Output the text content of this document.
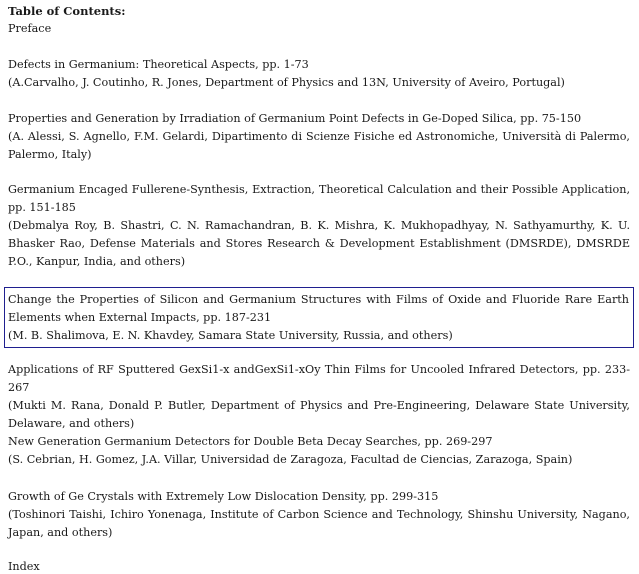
Table of Contents:
Preface
Defects in Germanium: Theoretical Aspects, pp. 1-73
(A.Carvalho, J. Coutinho, R. Jones, Department of Physics and 13N, University of Aveiro, Portugal)
Properties and Generation by Irradiation of Germanium Point Defects in Ge-Doped Silica, pp. 75-150
(A. Alessi, S. Agnello, F.M. Gelardi, Dipartimento di Scienze Fisiche ed Astronomiche, Università di Palermo, Palermo, Italy)
Germanium Encaged Fullerene-Synthesis, Extraction, Theoretical Calculation and their Possible Application, pp. 151-185
(Debmalya Roy, B. Shastri, C. N. Ramachandran, B. K. Mishra, K. Mukhopadhyay, N. Sathyamurthy, K. U. Bhasker Rao, Defense Materials and Stores Research & Development Establishment (DMSRDE), DMSRDE P.O., Kanpur, India, and others)
Change the Properties of Silicon and Germanium Structures with Films of Oxide and Fluoride Rare Earth Elements when External Impacts, pp. 187-231
(M. B. Shalimova, E. N. Khavdey, Samara State University, Russia, and others)
Applications of RF Sputtered GexSi1-x andGexSi1-xOy Thin Films for Uncooled Infrared Detectors, pp. 233-267
(Mukti M. Rana, Donald P. Butler, Department of Physics and Pre-Engineering, Delaware State University, Delaware, and others)
New Generation Germanium Detectors for Double Beta Decay Searches, pp. 269-297
(S. Cebrian, H. Gomez, J.A. Villar, Universidad de Zaragoza, Facultad de Ciencias, Zarazoga, Spain)
Growth of Ge Crystals with Extremely Low Dislocation Density, pp. 299-315
(Toshinori Taishi, Ichiro Yonenaga, Institute of Carbon Science and Technology, Shinshu University, Nagano, Japan, and others)
Index
